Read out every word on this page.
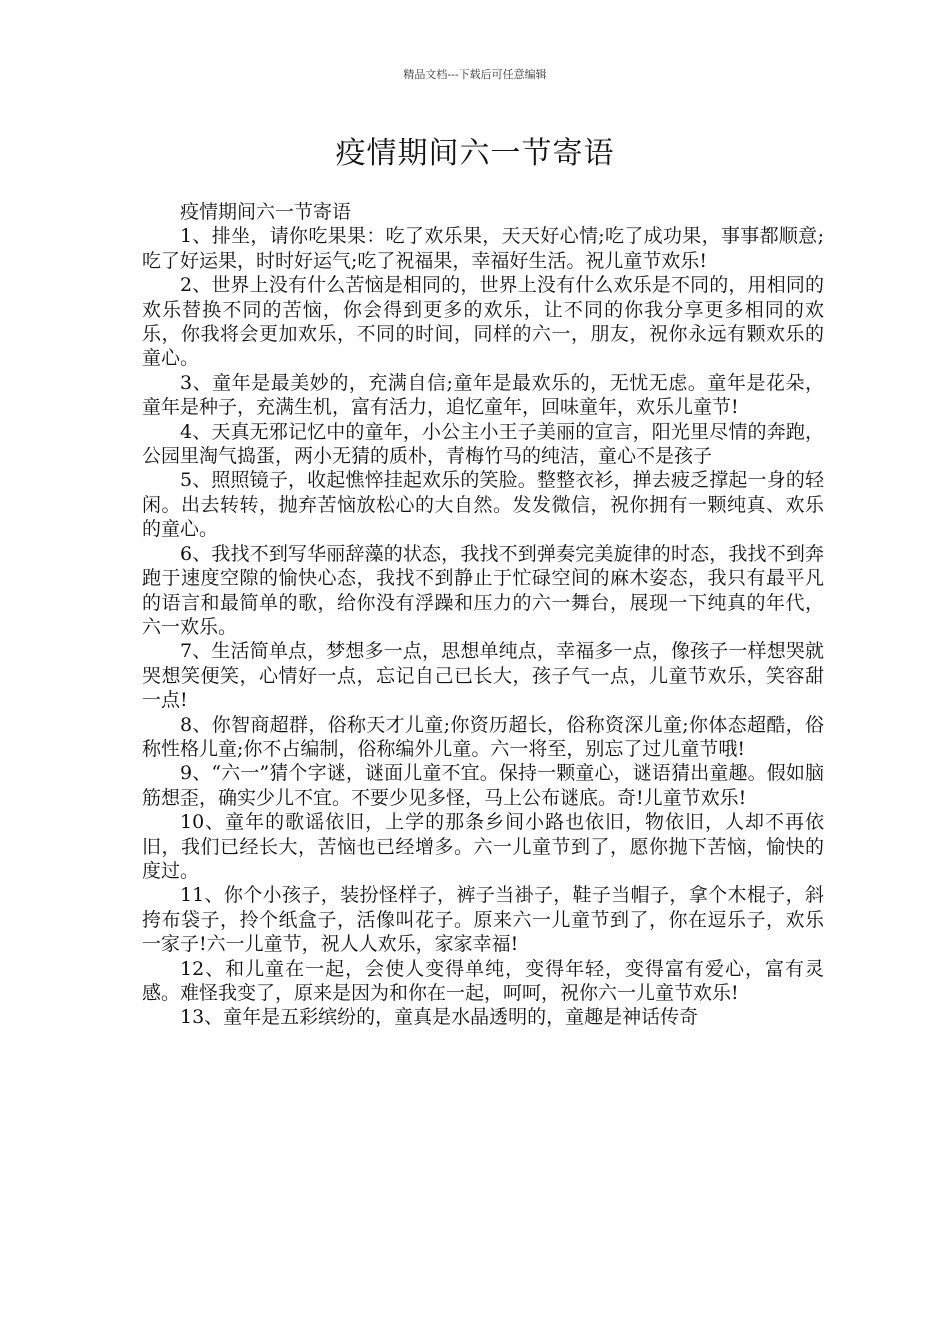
精品文档---下载后可任意编辑
疫情期间六一节寄语

疫情期间六一节寄语

1、排坐，请你吃果果：吃了欢乐果，天天好心情;吃了成功果，事事都顺意;吃了好运果，时时好运气;吃了祝福果，幸福好生活。祝儿童节欢乐!

2、世界上没有什么苦恼是相同的，世界上没有什么欢乐是不同的，用相同的欢乐替换不同的苦恼，你会得到更多的欢乐，让不同的你我分享更多相同的欢乐，你我将会更加欢乐，不同的时间，同样的六一，朋友，祝你永远有颗欢乐的童心。

3、童年是最美妙的，充满自信;童年是最欢乐的，无忧无虑。童年是花朵，童年是种子，充满生机，富有活力，追忆童年，回味童年，欢乐儿童节!

4、天真无邪记忆中的童年，小公主小王子美丽的宣言，阳光里尽情的奔跑，公园里淘气捣蛋，两小无猜的质朴，青梅竹马的纯洁，童心不是孩子

5、照照镜子，收起憔悴挂起欢乐的笑脸。整整衣衫，掸去疲乏撑起一身的轻闲。出去转转，抛弃苦恼放松心的大自然。发发微信，祝你拥有一颗纯真、欢乐的童心。

6、我找不到写华丽辞藻的状态，我找不到弹奏完美旋律的时态，我找不到奔跑于速度空隙的愉快心态，我找不到静止于忙碌空间的麻木姿态，我只有最平凡的语言和最简单的歌，给你没有浮躁和压力的六一舞台，展现一下纯真的年代，六一欢乐。

7、生活简单点，梦想多一点，思想单纯点，幸福多一点，像孩子一样想哭就哭想笑便笑，心情好一点，忘记自己已长大，孩子气一点，儿童节欢乐，笑容甜一点!

8、你智商超群，俗称天才儿童;你资历超长，俗称资深儿童;你体态超酷，俗称性格儿童;你不占编制，俗称编外儿童。六一将至，别忘了过儿童节哦!

9、“六一”猜个字谜，谜面儿童不宜。保持一颗童心，谜语猜出童趣。假如脑筋想歪，确实少儿不宜。不要少见多怪，马上公布谜底。奇!儿童节欢乐!

10、童年的歌谣依旧，上学的那条乡间小路也依旧，物依旧，人却不再依旧，我们已经长大，苦恼也已经增多。六一儿童节到了，愿你抛下苦恼，愉快的度过。

11、你个小孩子，装扮怪样子，裤子当褂子，鞋子当帽子，拿个木棍子，斜挎布袋子，拎个纸盒子，活像叫花子。原来六一儿童节到了，你在逗乐子，欢乐一家子!六一儿童节，祝人人欢乐，家家幸福!

12、和儿童在一起，会使人变得单纯，变得年轻，变得富有爱心，富有灵感。难怪我变了，原来是因为和你在一起，呵呵，祝你六一儿童节欢乐!

13、童年是五彩缤纷的，童真是水晶透明的，童趣是神话传奇
